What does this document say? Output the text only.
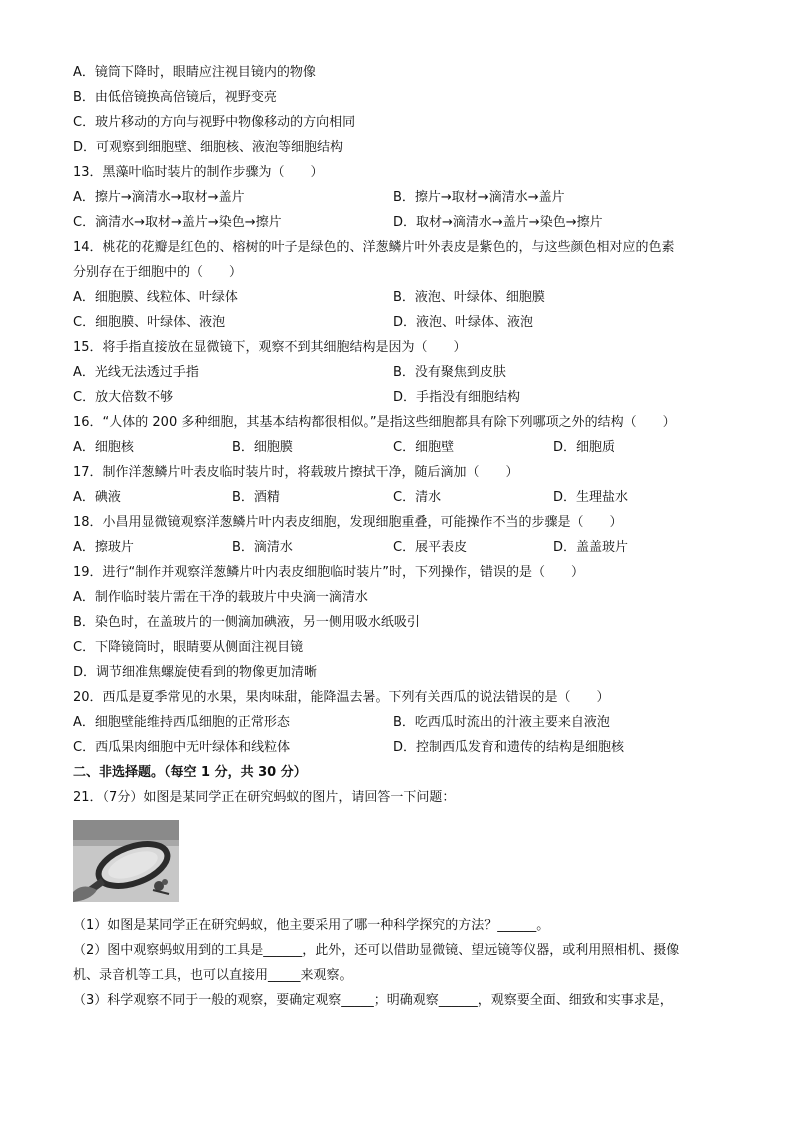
A．镜筒下降时，眼睛应注视目镜内的物像
B．由低倍镜换高倍镜后，视野变亮
C．玻片移动的方向与视野中物像移动的方向相同
D．可观察到细胞壁、细胞核、液泡等细胞结构
13．黑藻叶临时装片的制作步骤为（　　）
A．擦片→滴清水→取材→盖片	B．擦片→取材→滴清水→盖片
C．滴清水→取材→盖片→染色→擦片	D．取材→滴清水→盖片→染色→擦片
14．桃花的花瓣是红色的、榕树的叶子是绿色的、洋葱鳞片叶外表皮是紫色的，与这些颜色相对应的色素
分别存在于细胞中的（　　）
A．细胞膜、线粒体、叶绿体	B．液泡、叶绿体、细胞膜
C．细胞膜、叶绿体、液泡	D．液泡、叶绿体、液泡
15．将手指直接放在显微镜下，观察不到其细胞结构是因为（　　）
A．光线无法透过手指	B．没有聚焦到皮肤
C．放大倍数不够	D．手指没有细胞结构
16．“人体的 200 多种细胞，其基本结构都很相似。”是指这些细胞都具有除下列哪项之外的结构（　　）
A．细胞核	B．细胞膜	C．细胞壁	D．细胞质
17．制作洋葱鳞片叶表皮临时装片时，将载玻片擦拭干净，随后滴加（　　）
A．碘液	B．酒精	C．清水	D．生理盐水
18．小昌用显微镜观察洋葱鳞片叶内表皮细胞，发现细胞重叠，可能操作不当的步骤是（　　）
A．擦玻片	B．滴清水	C．展平表皮	D．盖盖玻片
19．进行“制作并观察洋葱鳞片叶内表皮细胞临时装片”时，下列操作，错误的是（　　）
A．制作临时装片需在干净的载玻片中央滴一滴清水
B．染色时，在盖玻片的一侧滴加碘液，另一侧用吸水纸吸引
C．下降镜筒时，眼睛要从侧面注视目镜
D．调节细准焦螺旋使看到的物像更加清晰
20．西瓜是夏季常见的水果，果肉味甜，能降温去暑。下列有关西瓜的说法错误的是（　　）
A．细胞壁能维持西瓜细胞的正常形态	B．吃西瓜时流出的汁液主要来自液泡
C．西瓜果肉细胞中无叶绿体和线粒体	D．控制西瓜发育和遗传的结构是细胞核
二、非选择题。（每空 1 分，共 30 分）
21．（7分）如图是某同学正在研究蚂蚁的图片，请回答一下问题：
（1）如图是某同学正在研究蚂蚁，他主要采用了哪一种科学探究的方法？______。
（2）图中观察蚂蚁用到的工具是______，此外，还可以借助显微镜、望远镜等仪器，或利用照相机、摄像
机、录音机等工具，也可以直接用_____来观察。
（3）科学观察不同于一般的观察，要确定观察_____；明确观察______，观察要全面、细致和实事求是，
